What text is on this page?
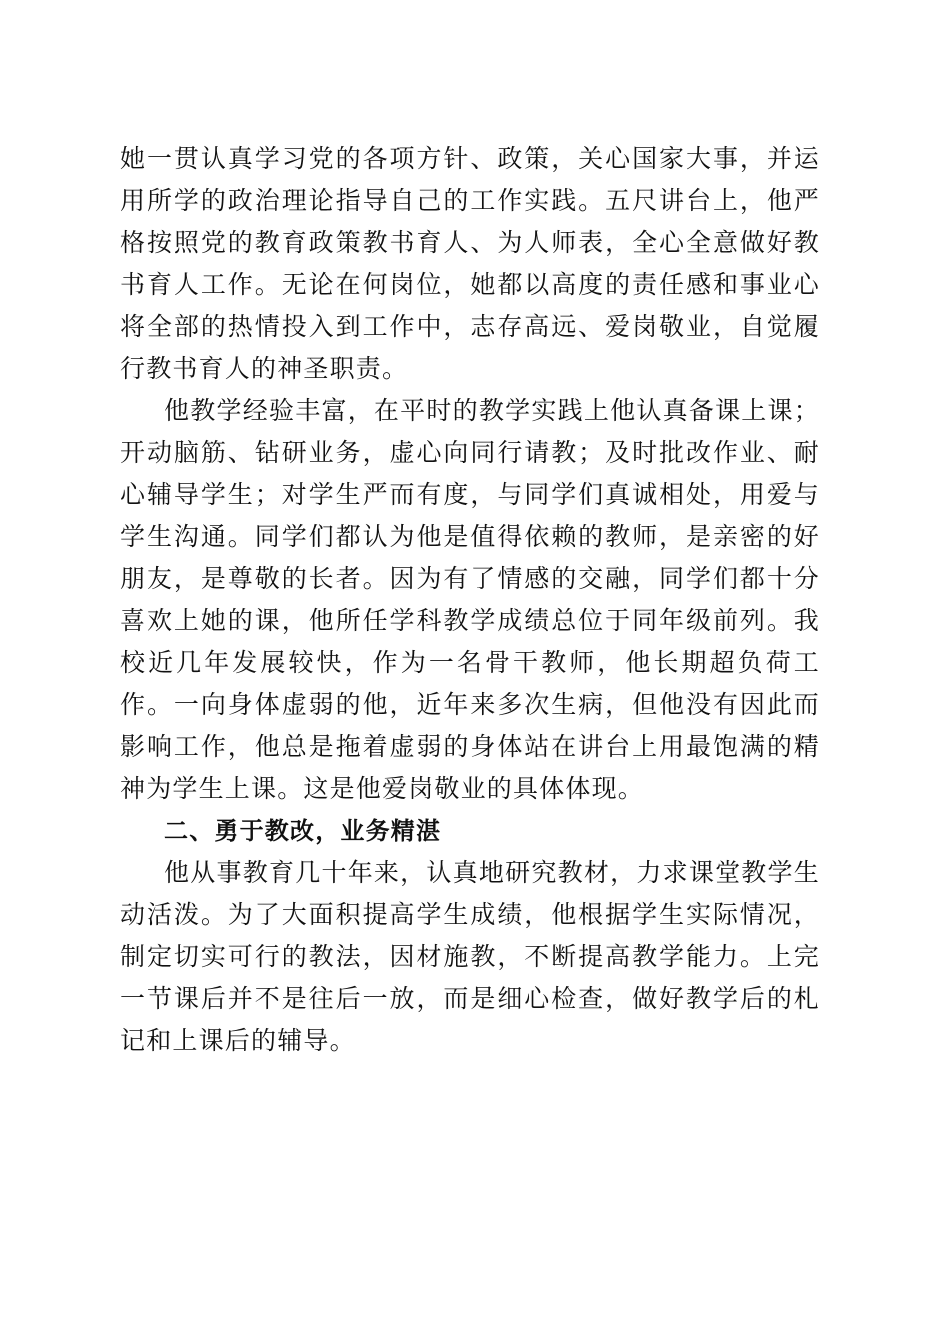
她一贯认真学习党的各项方针、政策，关心国家大事，并运用所学的政治理论指导自己的工作实践。五尺讲台上，他严格按照党的教育政策教书育人、为人师表，全心全意做好教书育人工作。无论在何岗位，她都以高度的责任感和事业心将全部的热情投入到工作中，志存高远、爱岗敬业，自觉履行教书育人的神圣职责。

他教学经验丰富，在平时的教学实践上他认真备课上课；开动脑筋、钻研业务，虚心向同行请教；及时批改作业、耐心辅导学生；对学生严而有度，与同学们真诚相处，用爱与学生沟通。同学们都认为他是值得依赖的教师，是亲密的好朋友，是尊敬的长者。因为有了情感的交融，同学们都十分喜欢上她的课，他所任学科教学成绩总位于同年级前列。我校近几年发展较快，作为一名骨干教师，他长期超负荷工作。一向身体虚弱的他，近年来多次生病，但他没有因此而影响工作，他总是拖着虚弱的身体站在讲台上用最饱满的精神为学生上课。这是他爱岗敬业的具体体现。

二、勇于教改，业务精湛

他从事教育几十年来，认真地研究教材，力求课堂教学生动活泼。为了大面积提高学生成绩，他根据学生实际情况，制定切实可行的教法，因材施教，不断提高教学能力。上完一节课后并不是往后一放，而是细心检查，做好教学后的札记和上课后的辅导。
